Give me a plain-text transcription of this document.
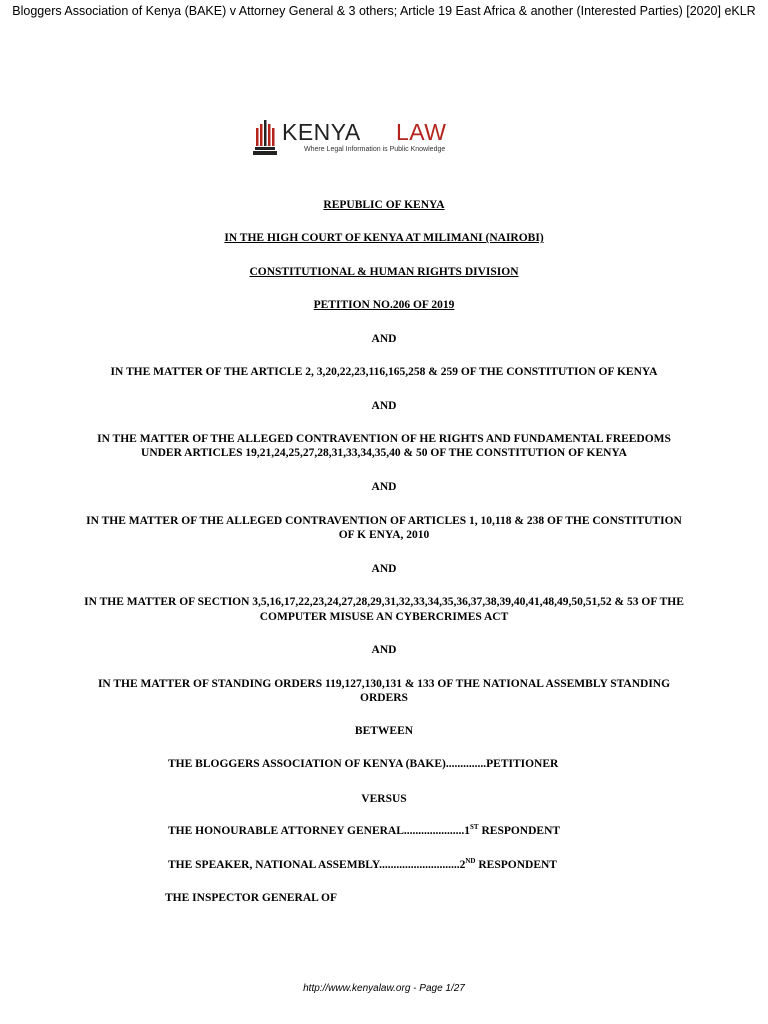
Bloggers Association of Kenya (BAKE) v Attorney General & 3 others; Article 19 East Africa & another (Interested Parties) [2020] eKLR
KENYA LAW
Where Legal Information is Public Knowledge
REPUBLIC OF KENYA
IN THE HIGH COURT OF KENYA AT MILIMANI (NAIROBI)
CONSTITUTIONAL & HUMAN RIGHTS DIVISION
PETITION NO.206 OF 2019
AND
IN THE MATTER OF THE ARTICLE 2, 3,20,22,23,116,165,258 & 259 OF THE CONSTITUTION OF KENYA
AND
IN THE MATTER OF THE ALLEGED CONTRAVENTION OF HE RIGHTS AND FUNDAMENTAL FREEDOMS
UNDER ARTICLES 19,21,24,25,27,28,31,33,34,35,40 & 50 OF THE CONSTITUTION OF KENYA
AND
IN THE MATTER OF THE ALLEGED CONTRAVENTION OF ARTICLES 1, 10,118 & 238 OF THE CONSTITUTION
OF K ENYA, 2010
AND
IN THE MATTER OF SECTION 3,5,16,17,22,23,24,27,28,29,31,32,33,34,35,36,37,38,39,40,41,48,49,50,51,52 & 53 OF THE
COMPUTER MISUSE AN CYBERCRIMES ACT
AND
IN THE MATTER OF STANDING ORDERS 119,127,130,131 & 133 OF THE NATIONAL ASSEMBLY STANDING
ORDERS
BETWEEN
THE BLOGGERS ASSOCIATION OF KENYA (BAKE)..............PETITIONER
VERSUS
THE HONOURABLE ATTORNEY GENERAL.....................1ST RESPONDENT
THE SPEAKER, NATIONAL ASSEMBLY............................2ND RESPONDENT
THE INSPECTOR GENERAL OF
http://www.kenyalaw.org - Page 1/27
